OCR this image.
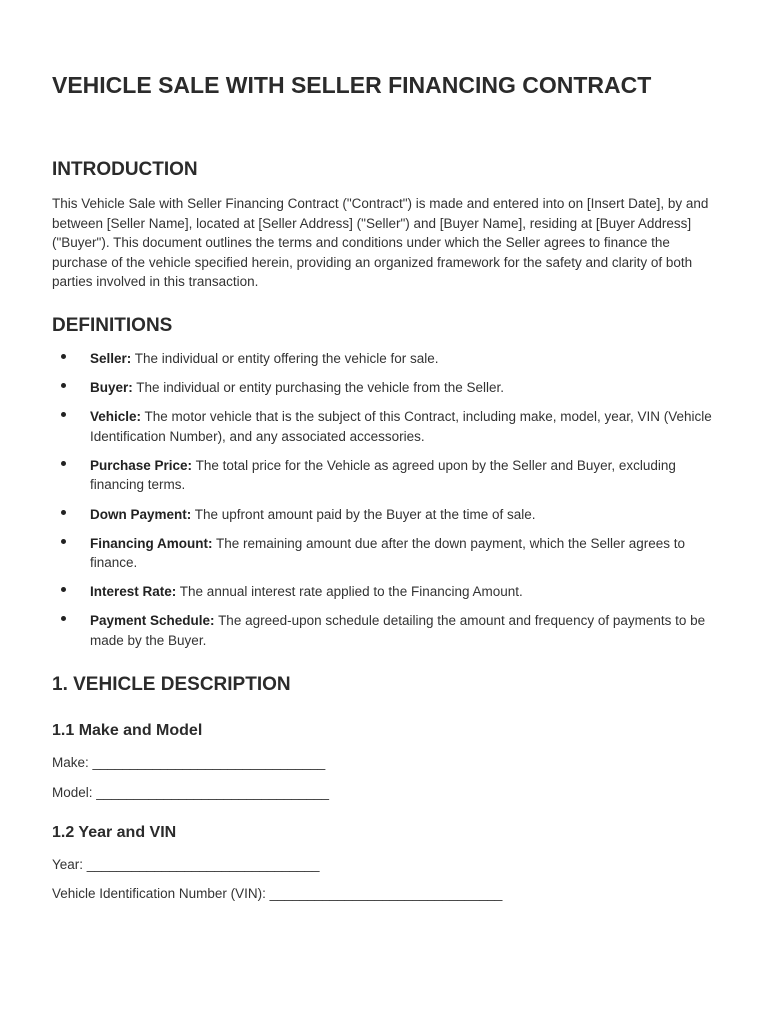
VEHICLE SALE WITH SELLER FINANCING CONTRACT
INTRODUCTION

This Vehicle Sale with Seller Financing Contract ("Contract") is made and entered into on [Insert Date], by and between [Seller Name], located at [Seller Address] ("Seller") and [Buyer Name], residing at [Buyer Address] ("Buyer"). This document outlines the terms and conditions under which the Seller agrees to finance the purchase of the vehicle specified herein, providing an organized framework for the safety and clarity of both parties involved in this transaction.

DEFINITIONS
Seller: The individual or entity offering the vehicle for sale.
Buyer: The individual or entity purchasing the vehicle from the Seller.
Vehicle: The motor vehicle that is the subject of this Contract, including make, model, year, VIN (Vehicle Identification Number), and any associated accessories.
Purchase Price: The total price for the Vehicle as agreed upon by the Seller and Buyer, excluding financing terms.
Down Payment: The upfront amount paid by the Buyer at the time of sale.
Financing Amount: The remaining amount due after the down payment, which the Seller agrees to finance.
Interest Rate: The annual interest rate applied to the Financing Amount.
Payment Schedule: The agreed-upon schedule detailing the amount and frequency of payments to be made by the Buyer.
1. VEHICLE DESCRIPTION
1.1 Make and Model

Make: _______________________________

Model: _______________________________

1.2 Year and VIN

Year: _______________________________

Vehicle Identification Number (VIN): _______________________________
